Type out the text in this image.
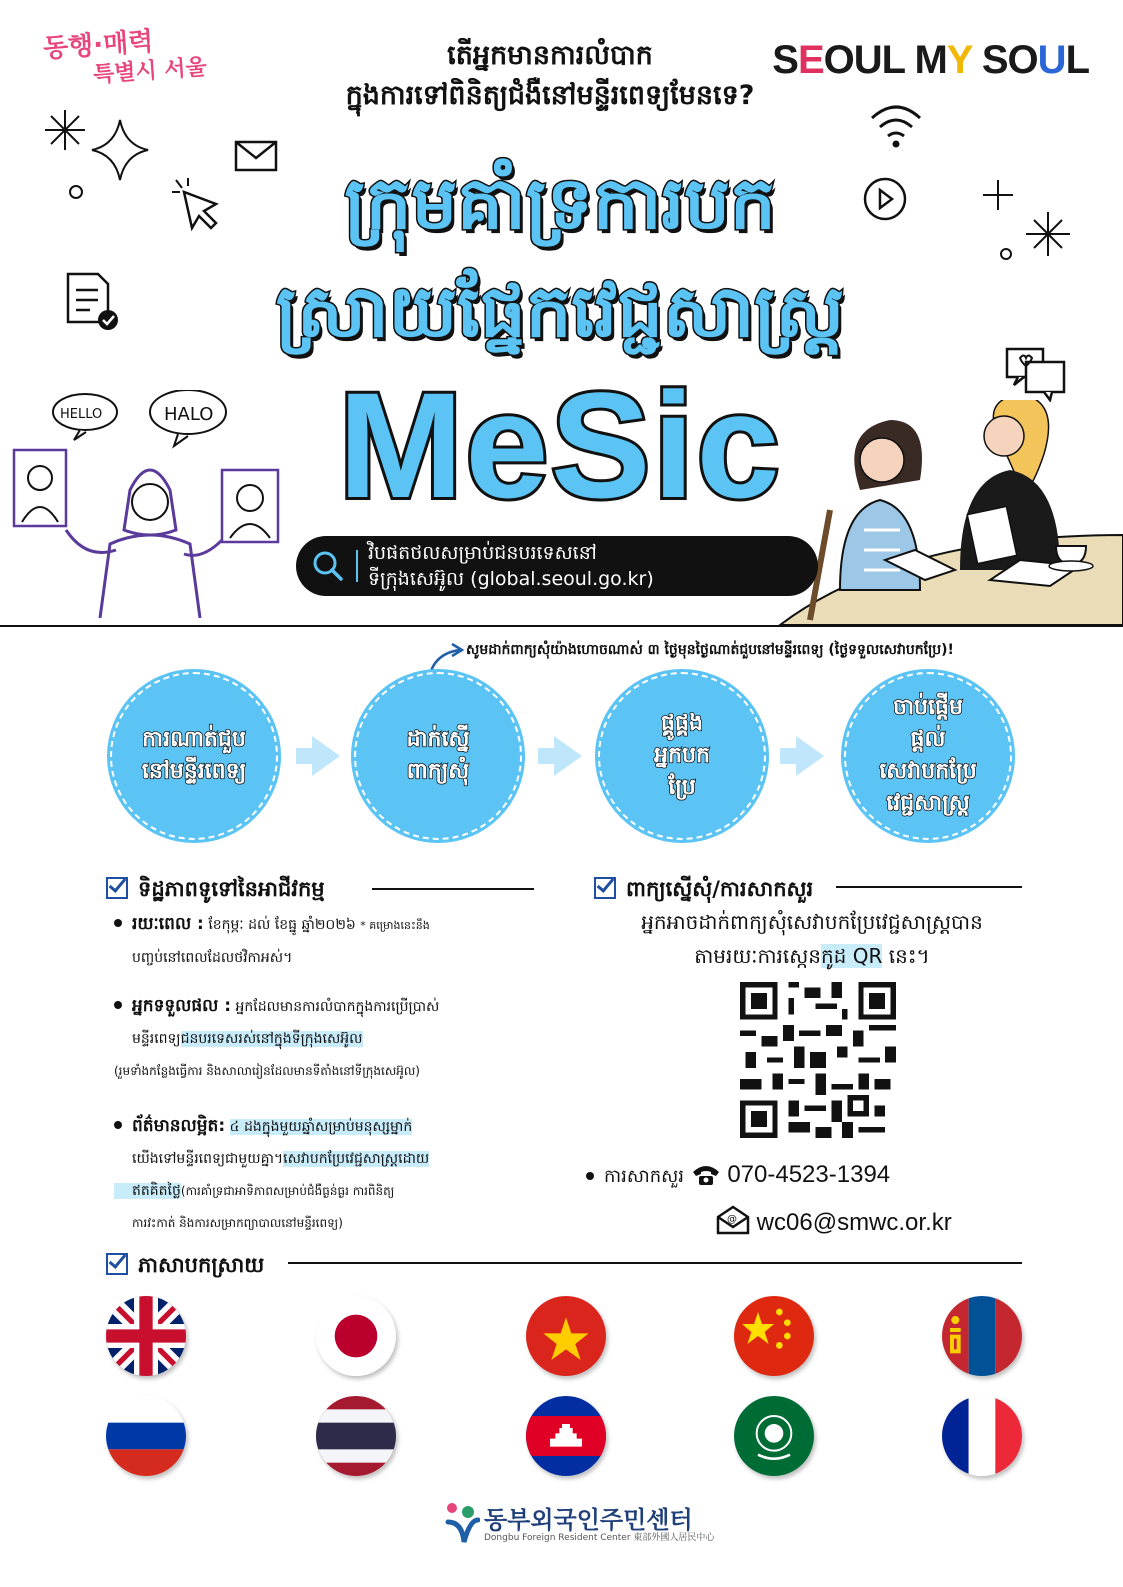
동행·매력
특별시 서울	SEOUL MY SOUL
តើអ្នកមានការលំបាក
ក្នុងការទៅពិនិត្យជំងឺនៅមន្ទីរពេទ្យមែនទេ?
ក្រុមគាំទ្រការបក
ស្រាយផ្នែកវេជ្ជសាស្ត្រ
MeSic
HELLO	HALO
វិបផតថលសម្រាប់ជនបរទេសនៅ
ទីក្រុងសេអ៊ូល (global.seoul.go.kr)
សូមដាក់ពាក្យសុំយ៉ាងហោចណាស់ ៣ ថ្ងៃមុនថ្ងៃណាត់ជួបនៅមន្ទីរពេទ្យ (ថ្ងៃទទួលសេវាបកប្រែ)!
ការណាត់ជួប
នៅមន្ទីរពេទ្យ
ដាក់ស្នើ
ពាក្យសុំ
ផ្គូផ្គង
អ្នកបក
ប្រែ
ចាប់ផ្ដើម
ផ្តល់
សេវាបកប្រែ
វេជ្ជសាស្ត្រ
ទិដ្ឋភាពទូទៅនៃអាជីវកម្ម
រយៈពេល : ខែកុម្ភៈ ដល់ ខែធ្នូ ឆ្នាំ២០២៦ * គម្រោងនេះនឹង
បញ្ចប់នៅពេលដែលថវិកាអស់។
អ្នកទទួលផល : អ្នកដែលមានការលំបាកក្នុងការប្រើប្រាស់
មន្ទីរពេទ្យជនបរទេសរស់នៅក្នុងទីក្រុងសេអ៊ូល
(រួមទាំងកន្លែងធ្វើការ និងសាលារៀនដែលមានទីតាំងនៅទីក្រុងសេអ៊ូល)
ព័ត៌មានលម្អិត: ៤ ដងក្នុងមួយឆ្នាំសម្រាប់មនុស្សម្នាក់
យើងទៅមន្ទីរពេទ្យជាមួយគ្នា។សេវាបកប្រែវេជ្ជសាស្ត្រដោយ
ឥតគិតថ្លៃ(ការគាំទ្រជាអាទិភាពសម្រាប់ជំងឺធ្ងន់ធ្ងរ ការពិនិត្យ
ការវះកាត់ និងការសម្រាកព្យាបាលនៅមន្ទីរពេទ្យ)
ពាក្យស្នើសុំ/ការសាកសួរ
អ្នកអាចដាក់ពាក្យសុំសេវាបកប្រែវេជ្ជសាស្ត្របាន
តាមរយៈការស្កេនកូដ QR នេះ។
ការសាកសួរ 070-4523-1394
@ wc06@smwc.or.kr
ភាសាបកស្រាយ
동부외국인주민센터
Dongbu Foreign Resident Center 東部外國人居民中心
